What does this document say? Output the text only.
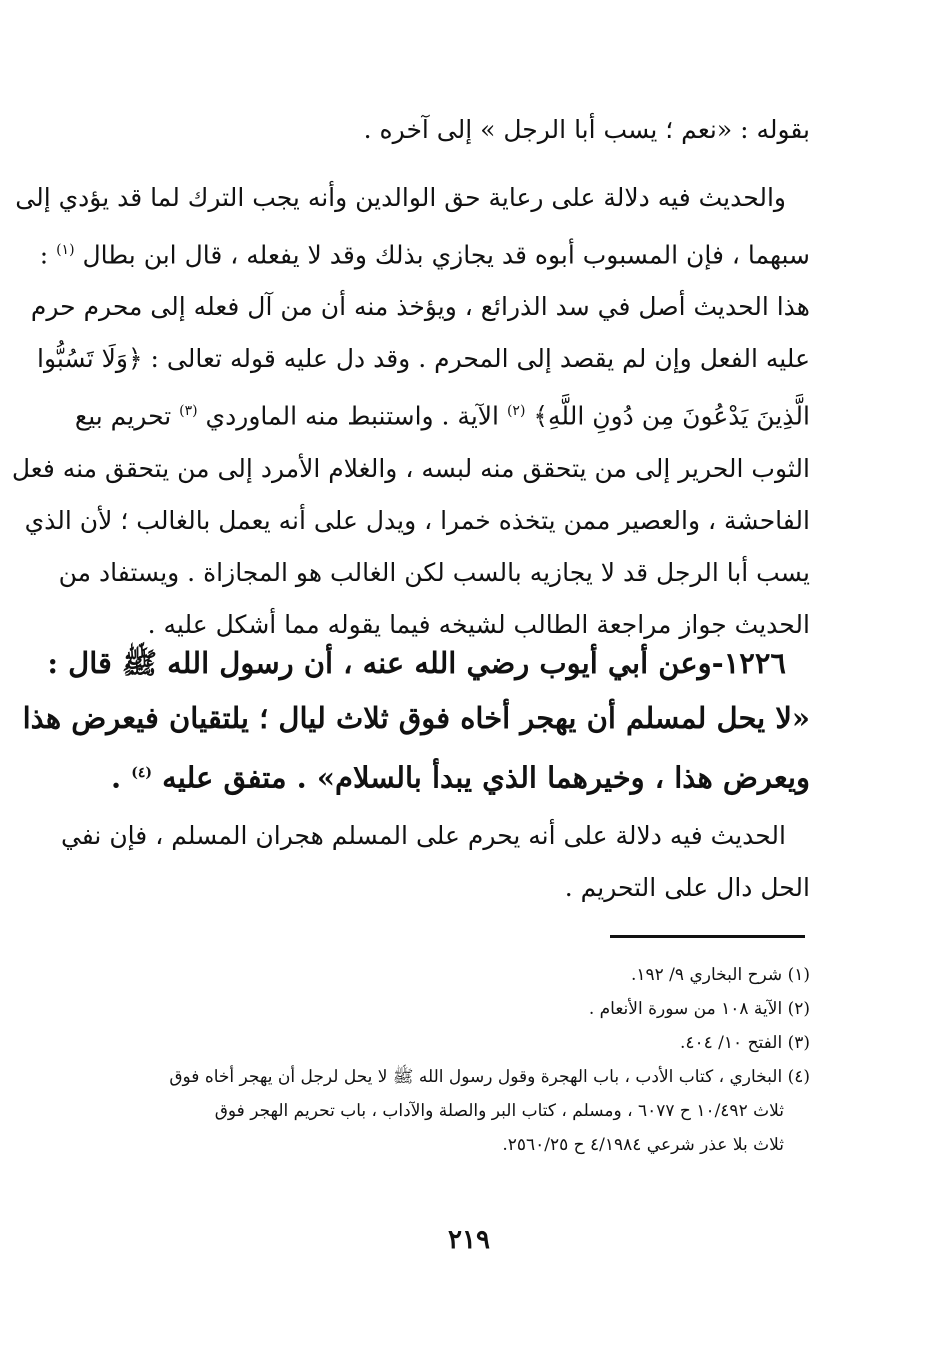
بقوله : «نعم ؛ يسب أبا الرجل » إلى آخره .
والحديث فيه دلالة على رعاية حق الوالدين وأنه يجب الترك لما قد يؤدي إلى
سبهما ، فإن المسبوب أبوه قد يجازي بذلك وقد لا يفعله ، قال ابن بطال $^{(١)}$ :
هذا الحديث أصل في سد الذرائع ، ويؤخذ منه أن من آل فعله إلى محرم حرم
عليه الفعل وإن لم يقصد إلى المحرم . وقد دل عليه قوله تعالى : ﴿وَلَا تَسُبُّوا
الَّذِينَ يَدْعُونَ مِن دُونِ اللَّهِ﴾ $^{(٢)}$ الآية . واستنبط منه الماوردي $^{(٣)}$ تحريم بيع
الثوب الحرير إلى من يتحقق منه لبسه ، والغلام الأمرد إلى من يتحقق منه فعل
الفاحشة ، والعصير ممن يتخذه خمرا ، ويدل على أنه يعمل بالغالب ؛ لأن الذي
يسب أبا الرجل قد لا يجازيه بالسب لكن الغالب هو المجازاة . ويستفاد من
الحديث جواز مراجعة الطالب لشيخه فيما يقوله مما أشكل عليه .
١٢٢٦-وعن أبي أيوب رضي الله عنه ، أن رسول الله ﷺ قال :
«لا يحل لمسلم أن يهجر أخاه فوق ثلاث ليال ؛ يلتقيان فيعرض هذا
ويعرض هذا ، وخيرهما الذي يبدأ بالسلام» . متفق عليه $^{(٤)}$ .
الحديث فيه دلالة على أنه يحرم على المسلم هجران المسلم ، فإن نفي
الحل دال على التحريم .
(١) شرح البخاري ٩/ ١٩٢.
(٢) الآية ١٠٨ من سورة الأنعام .
(٣) الفتح ١٠/ ٤٠٤.
(٤) البخاري ، كتاب الأدب ، باب الهجرة وقول رسول الله ﷺ لا يحل لرجل أن يهجر أخاه فوق
ثلاث ١٠/٤٩٢ ح ٦٠٧٧ ، ومسلم ، كتاب البر والصلة والآداب ، باب تحريم الهجر فوق
ثلاث بلا عذر شرعي ٤/١٩٨٤ ح ٢٥٦٠/٢٥.
٢١٩
